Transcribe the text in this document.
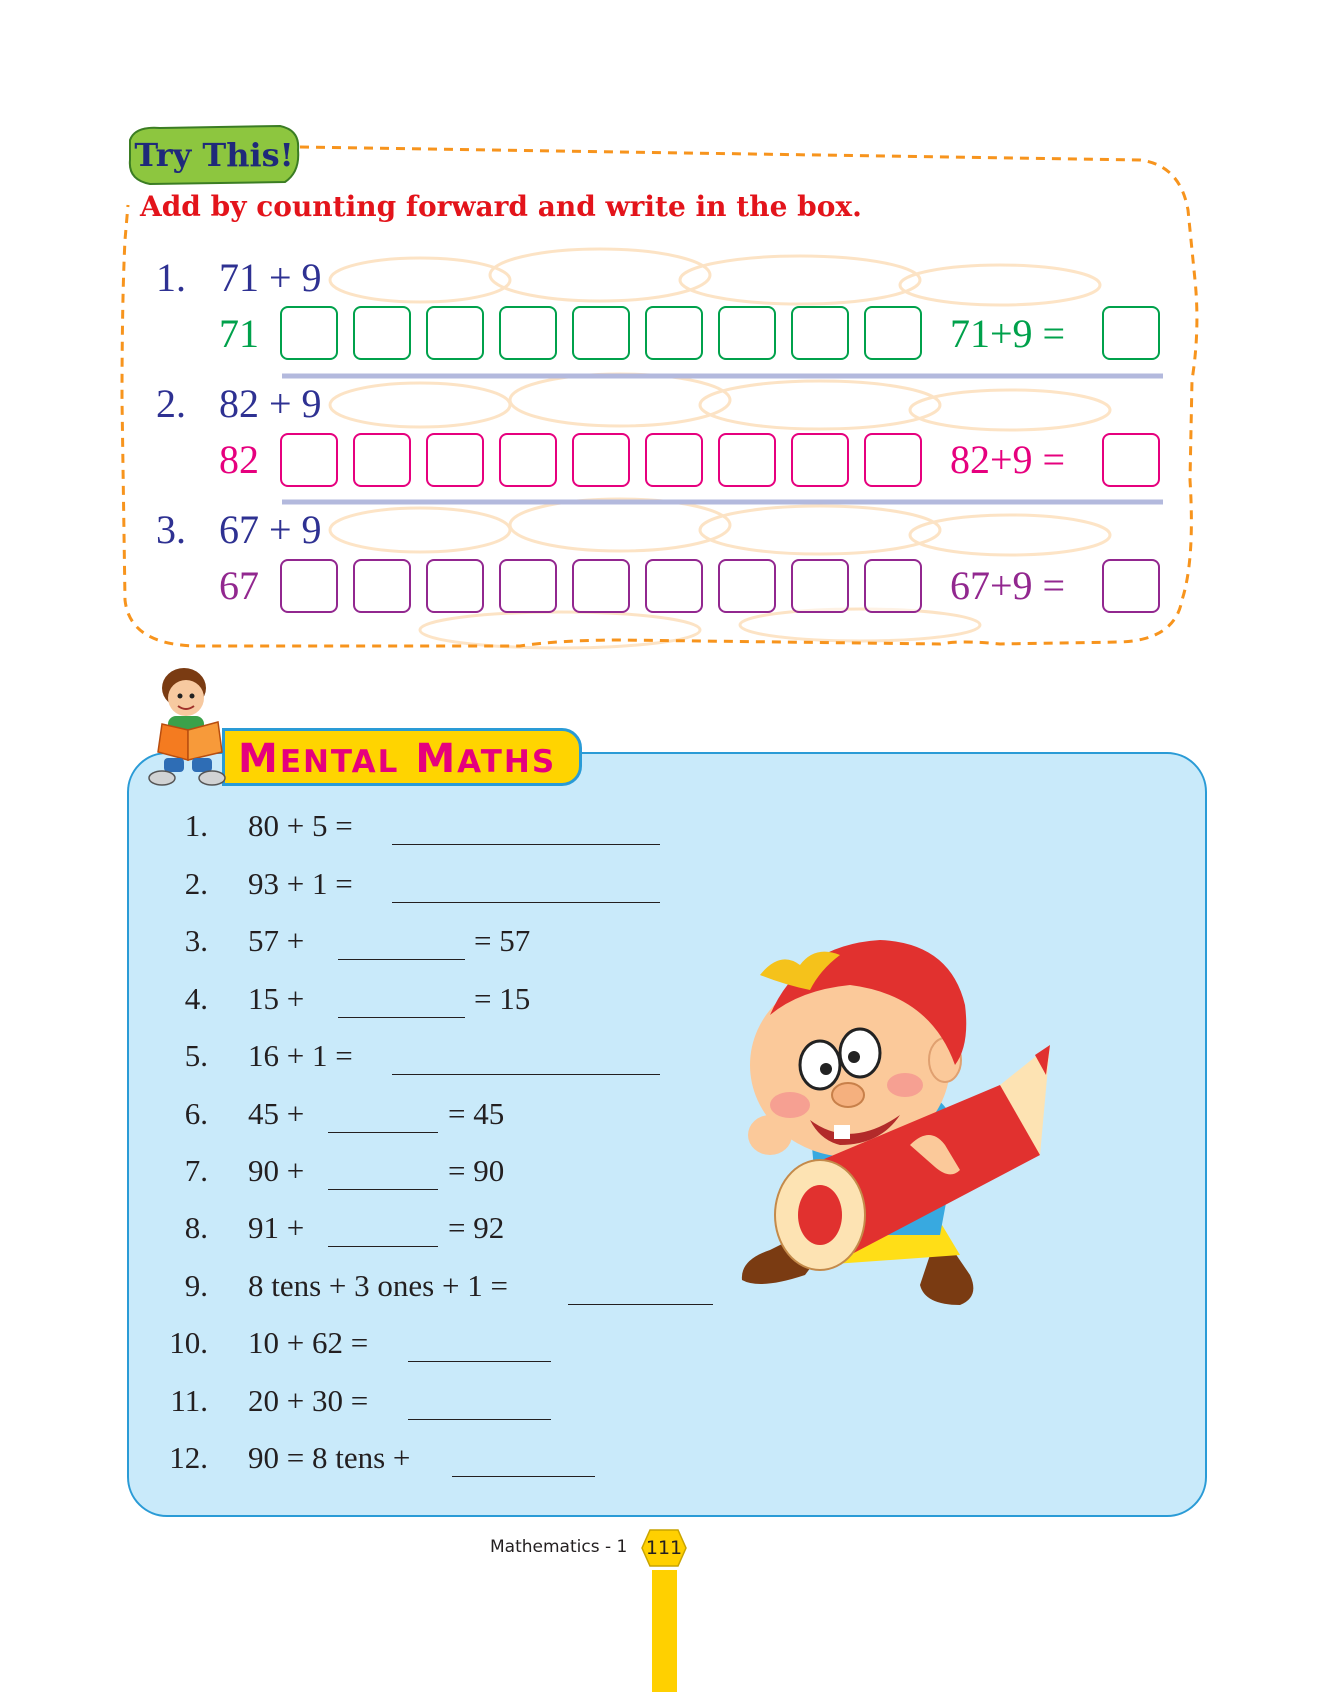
Try This!
Add by counting forward and write in the box.
1. 71 + 9
71	71+9 =
2. 82 + 9
82	82+9 =
3. 67 + 9
67	67+9 =
MENTAL MATHS
1. 80 + 5 =
2. 93 + 1 =
3. 57 +	= 57
4. 15 +	= 15
5. 16 + 1 =
6. 45 +	= 45
7. 90 +	= 90
8. 91 +	= 92
9. 8 tens + 3 ones + 1 =
10. 10 + 62 =
11. 20 + 30 =
12. 90 = 8 tens +
Mathematics - 1 111
